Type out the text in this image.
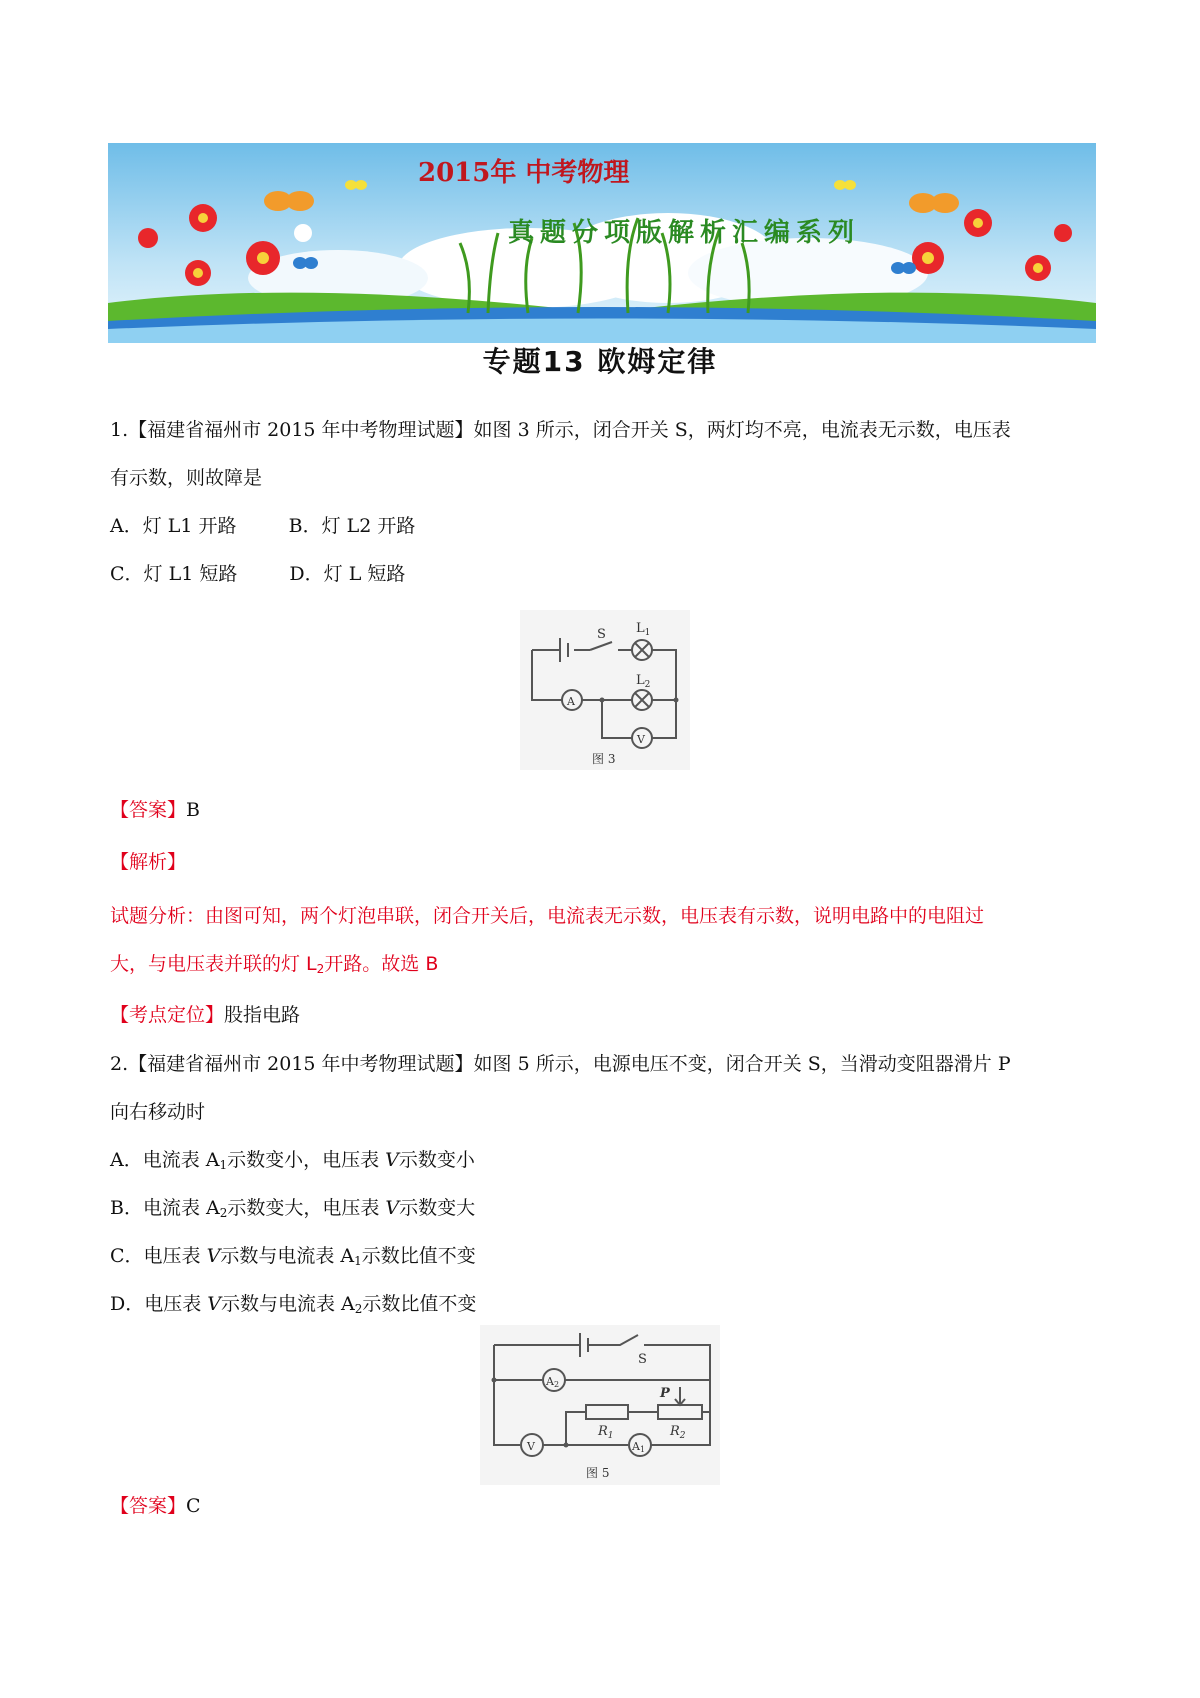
2015年 中考物理
真题分项版解析汇编系列
专题13 欧姆定律
1.【福建省福州市 2015 年中考物理试题】如图 3 所示，闭合开关 S，两灯均不亮，电流表无示数，电压表
有示数，则故障是
A．灯 L1 开路	B．灯 L2 开路
C．灯 L1 短路	D．灯 L 短路
S $L_1$
$L_2$
A
V
图 3
【答案】B
【解析】
试题分析：由图可知，两个灯泡串联，闭合开关后，电流表无示数，电压表有示数，说明电路中的电阻过
大，与电压表并联的灯 $L_2$开路。故选 B
【考点定位】股指电路
2.【福建省福州市 2015 年中考物理试题】如图 5 所示，电源电压不变，闭合开关 S，当滑动变阻器滑片 P
向右移动时
A．电流表 $A_1$示数变小，电压表 V示数变小
B．电流表 $A_2$示数变大，电压表 V示数变大
C．电压表 V示数与电流表 $A_1$示数比值不变
D．电压表 V示数与电流表 $A_2$示数比值不变
S
A2
A1
V
$R_1$	$R_2$
P
图 5
【答案】C
